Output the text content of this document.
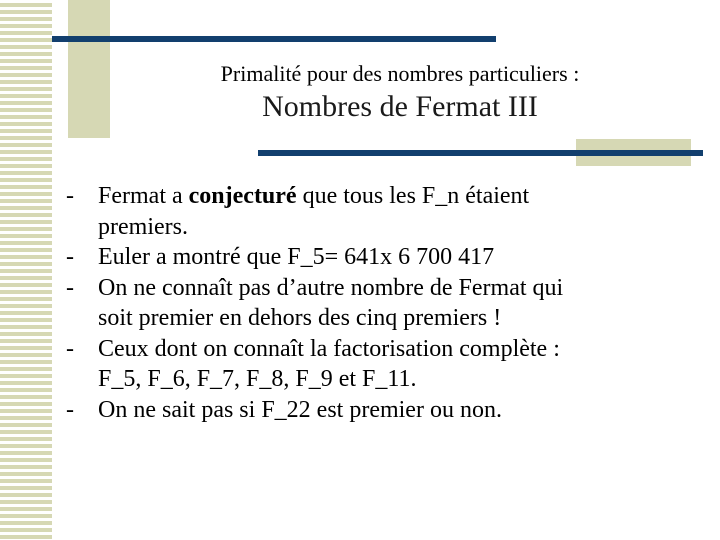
Primalité pour des nombres particuliers :
Nombres de Fermat III
- Fermat a conjecturé que tous les F_n étaient
premiers.
- Euler a montré que F_5= 641x 6 700 417
- On ne connaît pas d’autre nombre de Fermat qui
soit premier en dehors des cinq premiers !
- Ceux dont on connaît la factorisation complète :
F_5, F_6, F_7, F_8, F_9 et F_11.
- On ne sait pas si F_22 est premier ou non.
